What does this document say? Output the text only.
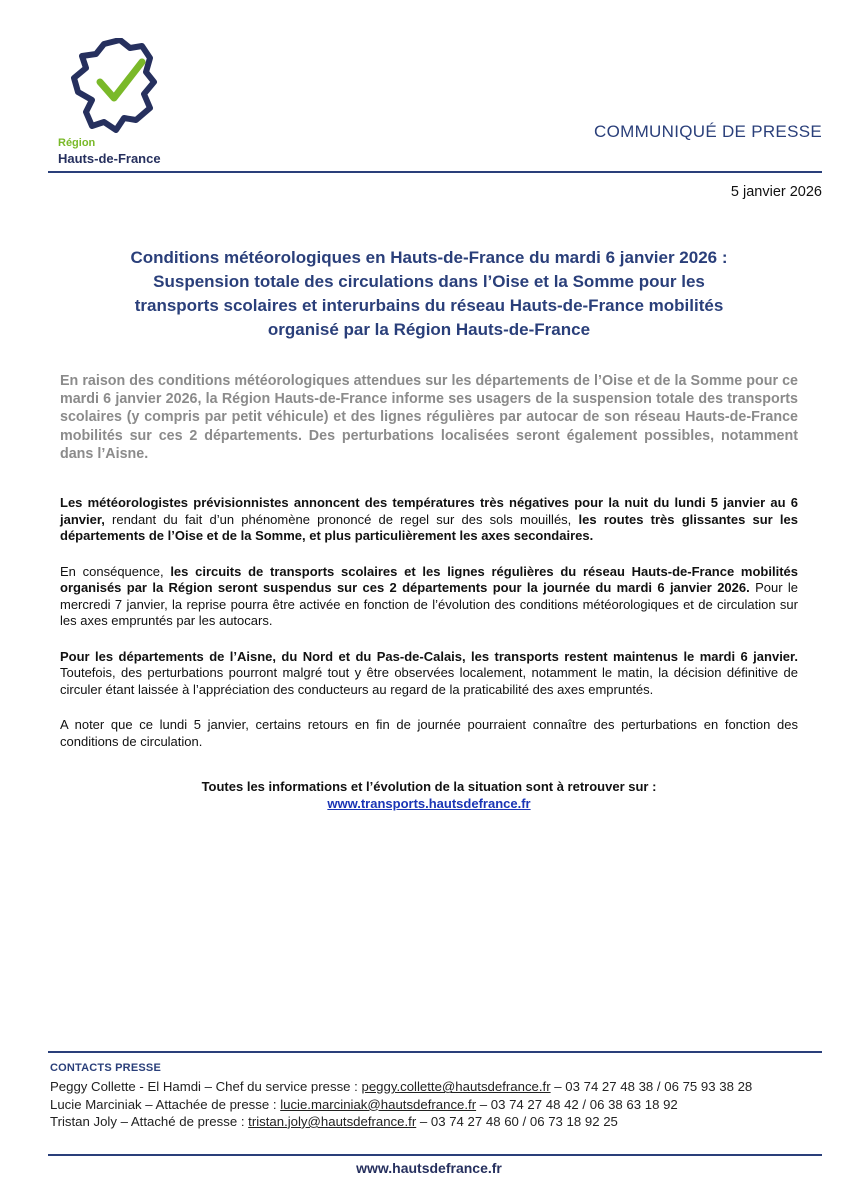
Région
Hauts-de-France
COMMUNIQUÉ DE PRESSE
5 janvier 2026
Conditions météorologiques en Hauts-de-France du mardi 6 janvier 2026 :
Suspension totale des circulations dans l’Oise et la Somme pour les
transports scolaires et interurbains du réseau Hauts-de-France mobilités
organisé par la Région Hauts-de-France
En raison des conditions météorologiques attendues sur les départements de l’Oise et de la Somme pour ce mardi 6 janvier 2026, la Région Hauts-de-France informe ses usagers de la suspension totale des transports scolaires (y compris par petit véhicule) et des lignes régulières par autocar de son réseau Hauts-de-France mobilités sur ces 2 départements. Des perturbations localisées seront également possibles, notamment dans l’Aisne.

Les météorologistes prévisionnistes annoncent des températures très négatives pour la nuit du lundi 5 janvier au 6 janvier, rendant du fait d’un phénomène prononcé de regel sur des sols mouillés, les routes très glissantes sur les départements de l’Oise et de la Somme, et plus particulièrement les axes secondaires.

En conséquence, les circuits de transports scolaires et les lignes régulières du réseau Hauts-de-France mobilités organisés par la Région seront suspendus sur ces 2 départements pour la journée du mardi 6 janvier 2026. Pour le mercredi 7 janvier, la reprise pourra être activée en fonction de l’évolution des conditions météorologiques et de circulation sur les axes empruntés par les autocars.

Pour les départements de l’Aisne, du Nord et du Pas-de-Calais, les transports restent maintenus le mardi 6 janvier. Toutefois, des perturbations pourront malgré tout y être observées localement, notamment le matin, la décision définitive de circuler étant laissée à l’appréciation des conducteurs au regard de la praticabilité des axes empruntés.

A noter que ce lundi 5 janvier, certains retours en fin de journée pourraient connaître des perturbations en fonction des conditions de circulation.

Toutes les informations et l’évolution de la situation sont à retrouver sur :
www.transports.hautsdefrance.fr
CONTACTS PRESSE
Peggy Collette - El Hamdi – Chef du service presse : peggy.collette@hautsdefrance.fr – 03 74 27 48 38 / 06 75 93 38 28
Lucie Marciniak – Attachée de presse : lucie.marciniak@hautsdefrance.fr – 03 74 27 48 42 / 06 38 63 18 92
Tristan Joly – Attaché de presse : tristan.joly@hautsdefrance.fr – 03 74 27 48 60 / 06 73 18 92 25
www.hautsdefrance.fr
